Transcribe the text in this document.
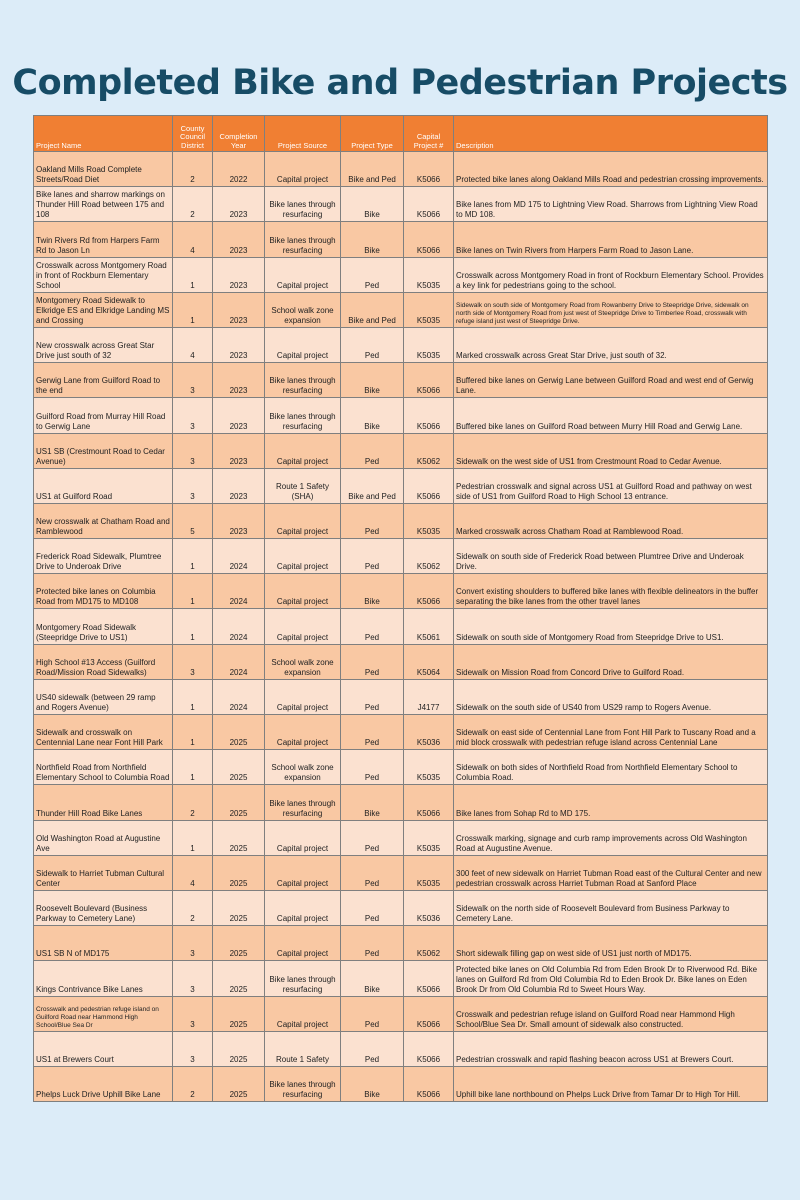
Completed Bike and Pedestrian Projects
Project Name	County Council District	Completion Year	Project Source	Project Type	Capital Project #	Description
Oakland Mills Road Complete Streets/Road Diet	2	2022	Capital project	Bike and Ped	K5066	Protected bike lanes along Oakland Mills Road and pedestrian crossing improvements.
Bike lanes and sharrow markings on Thunder Hill Road between 175 and 108	2	2023	Bike lanes through resurfacing	Bike	K5066	Bike lanes from MD 175 to Lightning View Road. Sharrows from Lightning View Road to MD 108.
Twin Rivers Rd from Harpers Farm Rd to Jason Ln	4	2023	Bike lanes through resurfacing	Bike	K5066	Bike lanes on Twin Rivers from Harpers Farm Road to Jason Lane.
Crosswalk across Montgomery Road in front of Rockburn Elementary School	1	2023	Capital project	Ped	K5035	Crosswalk across Montgomery Road in front of Rockburn Elementary School. Provides a key link for pedestrians going to the school.
Montgomery Road Sidewalk to Elkridge ES and Elkridge Landing MS and Crossing	1	2023	School walk zone expansion	Bike and Ped	K5035	Sidewalk on south side of Montgomery Road from Rowanberry Drive to Steepridge Drive, sidewalk on north side of Montgomery Road from just west of Steepridge Drive to Timberlee Road, crosswalk with refuge island just west of Steepridge Drive.
New crosswalk across Great Star Drive just south of 32	4	2023	Capital project	Ped	K5035	Marked crosswalk across Great Star Drive, just south of 32.
Gerwig Lane from Guilford Road to the end	3	2023	Bike lanes through resurfacing	Bike	K5066	Buffered bike lanes on Gerwig Lane between Guilford Road and west end of Gerwig Lane.
Guilford Road from Murray Hill Road to Gerwig Lane	3	2023	Bike lanes through resurfacing	Bike	K5066	Buffered bike lanes on Guilford Road between Murry Hill Road and Gerwig Lane.
US1 SB (Crestmount Road to Cedar Avenue)	3	2023	Capital project	Ped	K5062	Sidewalk on the west side of US1 from Crestmount Road to Cedar Avenue.
US1 at Guilford Road	3	2023	Route 1 Safety (SHA)	Bike and Ped	K5066	Pedestrian crosswalk and signal across US1 at Guilford Road and pathway on west side of US1 from Guilford Road to High School 13 entrance.
New crosswalk at Chatham Road and Ramblewood	5	2023	Capital project	Ped	K5035	Marked crosswalk across Chatham Road at Ramblewood Road.
Frederick Road Sidewalk, Plumtree Drive to Underoak Drive	1	2024	Capital project	Ped	K5062	Sidewalk on south side of Frederick Road between Plumtree Drive and Underoak Drive.
Protected bike lanes on Columbia Road from MD175 to MD108	1	2024	Capital project	Bike	K5066	Convert existing shoulders to buffered bike lanes with flexible delineators in the buffer separating the bike lanes from the other travel lanes
Montgomery Road Sidewalk (Steepridge Drive to US1)	1	2024	Capital project	Ped	K5061	Sidewalk on south side of Montgomery Road from Steepridge Drive to US1.
High School #13 Access (Guilford Road/Mission Road Sidewalks)	3	2024	School walk zone expansion	Ped	K5064	Sidewalk on Mission Road from Concord Drive to Guilford Road.
US40 sidewalk (between 29 ramp and Rogers Avenue)	1	2024	Capital project	Ped	J4177	Sidewalk on the south side of US40 from US29 ramp to Rogers Avenue.
Sidewalk and crosswalk on Centennial Lane near Font Hill Park	1	2025	Capital project	Ped	K5036	Sidewalk on east side of Centennial Lane from Font Hill Park to Tuscany Road and a mid block crosswalk with pedestrian refuge island across Centennial Lane
Northfield Road from Northfield Elementary School to Columbia Road	1	2025	School walk zone expansion	Ped	K5035	Sidewalk on both sides of Northfield Road from Northfield Elementary School to Columbia Road.
Thunder Hill Road Bike Lanes	2	2025	Bike lanes through resurfacing	Bike	K5066	Bike lanes from Sohap Rd to MD 175.
Old Washington Road at Augustine Ave	1	2025	Capital project	Ped	K5035	Crosswalk marking, signage and curb ramp improvements across Old Washington Road at Augustine Avenue.
Sidewalk to Harriet Tubman Cultural Center	4	2025	Capital project	Ped	K5035	300 feet of new sidewalk on Harriet Tubman Road east of the Cultural Center and new pedestrian crosswalk across Harriet Tubman Road at Sanford Place
Roosevelt Boulevard (Business Parkway to Cemetery Lane)	2	2025	Capital project	Ped	K5036	Sidewalk on the north side of Roosevelt Boulevard from Business Parkway to Cemetery Lane.
US1 SB N of MD175	3	2025	Capital project	Ped	K5062	Short sidewalk filling gap on west side of US1 just north of MD175.
Kings Contrivance Bike Lanes	3	2025	Bike lanes through resurfacing	Bike	K5066	Protected bike lanes on Old Columbia Rd from Eden Brook Dr to Riverwood Rd. Bike lanes on Guilford Rd from Old Columbia Rd to Eden Brook Dr. Bike lanes on Eden Brook Dr from Old Columbia Rd to Sweet Hours Way.
Crosswalk and pedestrian refuge island on Guilford Road near Hammond High School/Blue Sea Dr	3	2025	Capital project	Ped	K5066	Crosswalk and pedestrian refuge island on Guilford Road near Hammond High School/Blue Sea Dr. Small amount of sidewalk also constructed.
US1 at Brewers Court	3	2025	Route 1 Safety	Ped	K5066	Pedestrian crosswalk and rapid flashing beacon across US1 at Brewers Court.
Phelps Luck Drive Uphill Bike Lane	2	2025	Bike lanes through resurfacing	Bike	K5066	Uphill bike lane northbound on Phelps Luck Drive from Tamar Dr to High Tor Hill.
